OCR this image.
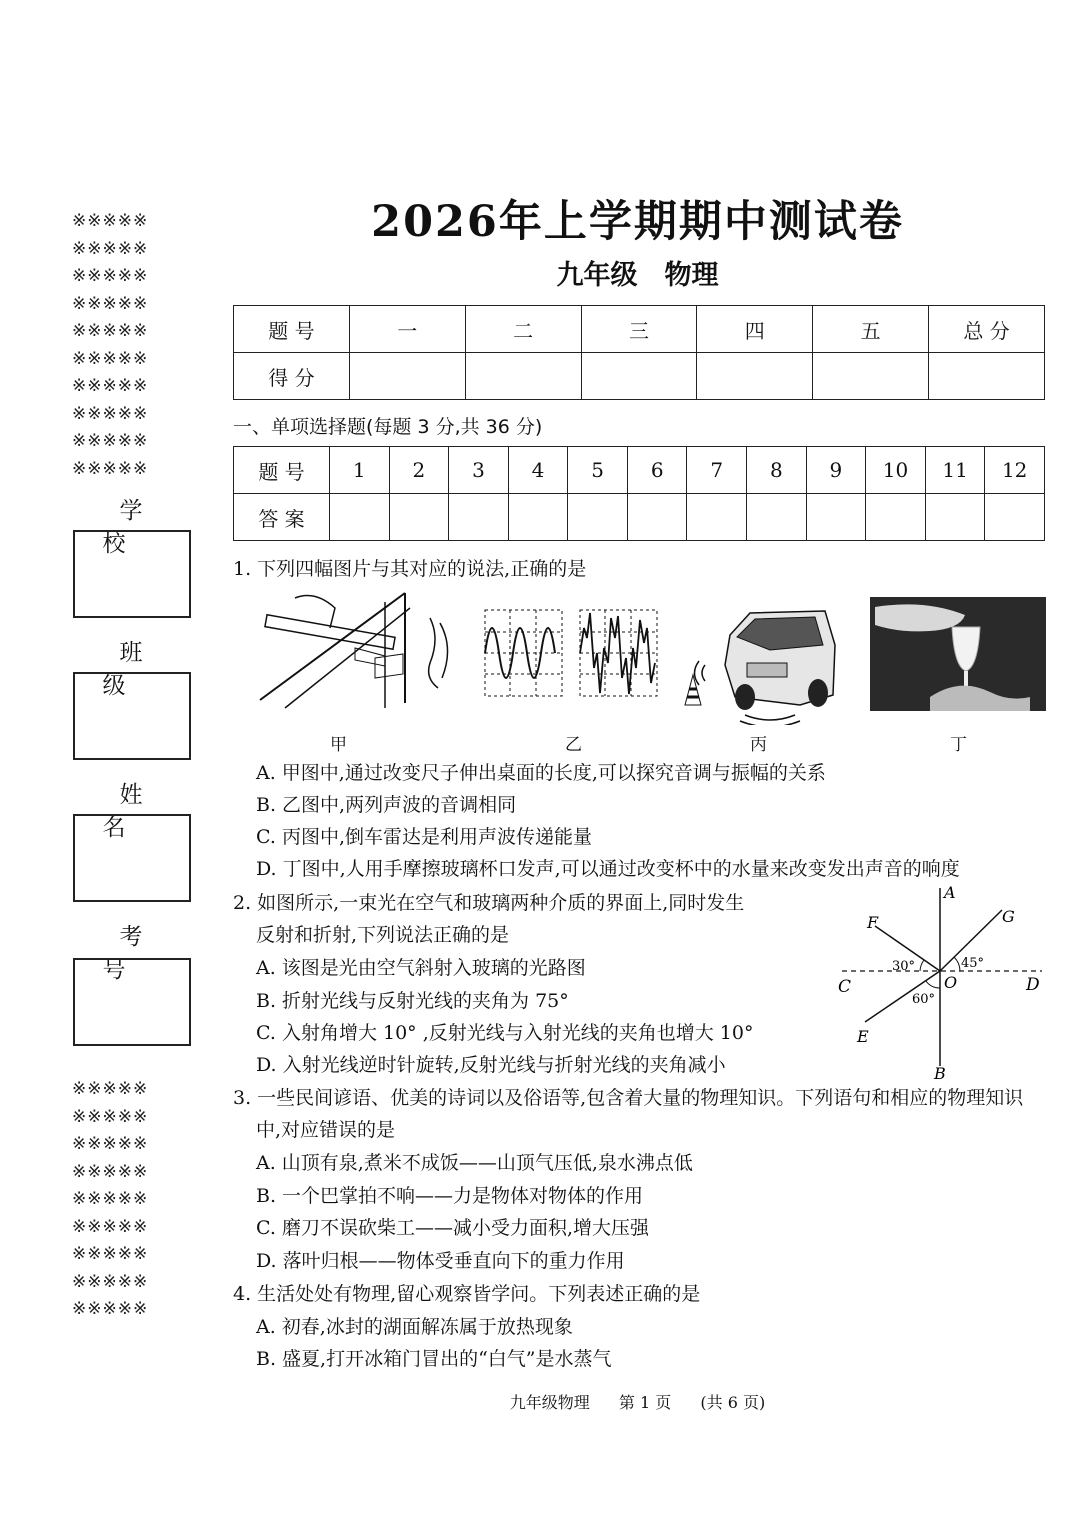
※※※※※
※※※※※
※※※※※
※※※※※
※※※※※
※※※※※
※※※※※
※※※※※
※※※※※
※※※※※
学校
班级
姓名
考号
※※※※※
※※※※※
※※※※※
※※※※※
※※※※※
※※※※※
※※※※※
※※※※※
※※※※※
2026年上学期期中测试卷
九年级　物理
题 号	一	二	三	四	五	总 分
得 分						
一、单项选择题(每题 3 分,共 36 分)
题 号	1	2	3	4	5	6	7	8	9	10	11	12
答 案												
1. 下列四幅图片与其对应的说法,正确的是
甲	乙	丙	丁
A. 甲图中,通过改变尺子伸出桌面的长度,可以探究音调与振幅的关系
B. 乙图中,两列声波的音调相同
C. 丙图中,倒车雷达是利用声波传递能量
D. 丁图中,人用手摩擦玻璃杯口发声,可以通过改变杯中的水量来改变发出声音的响度
2. 如图所示,一束光在空气和玻璃两种介质的界面上,同时发生
反射和折射,下列说法正确的是
A. 该图是光由空气斜射入玻璃的光路图
B. 折射光线与反射光线的夹角为 75°
C. 入射角增大 10° ,反射光线与入射光线的夹角也增大 10°
D. 入射光线逆时针旋转,反射光线与折射光线的夹角减小
A
B
C	D
E
F	G
O
30°	45°
60°
3. 一些民间谚语、优美的诗词以及俗语等,包含着大量的物理知识。下列语句和相应的物理知识
中,对应错误的是
A. 山顶有泉,煮米不成饭——山顶气压低,泉水沸点低
B. 一个巴掌拍不响——力是物体对物体的作用
C. 磨刀不误砍柴工——减小受力面积,增大压强
D. 落叶归根——物体受垂直向下的重力作用
4. 生活处处有物理,留心观察皆学问。下列表述正确的是
A. 初春,冰封的湖面解冻属于放热现象
B. 盛夏,打开冰箱门冒出的“白气”是水蒸气
九年级物理 第 1 页 (共 6 页)
